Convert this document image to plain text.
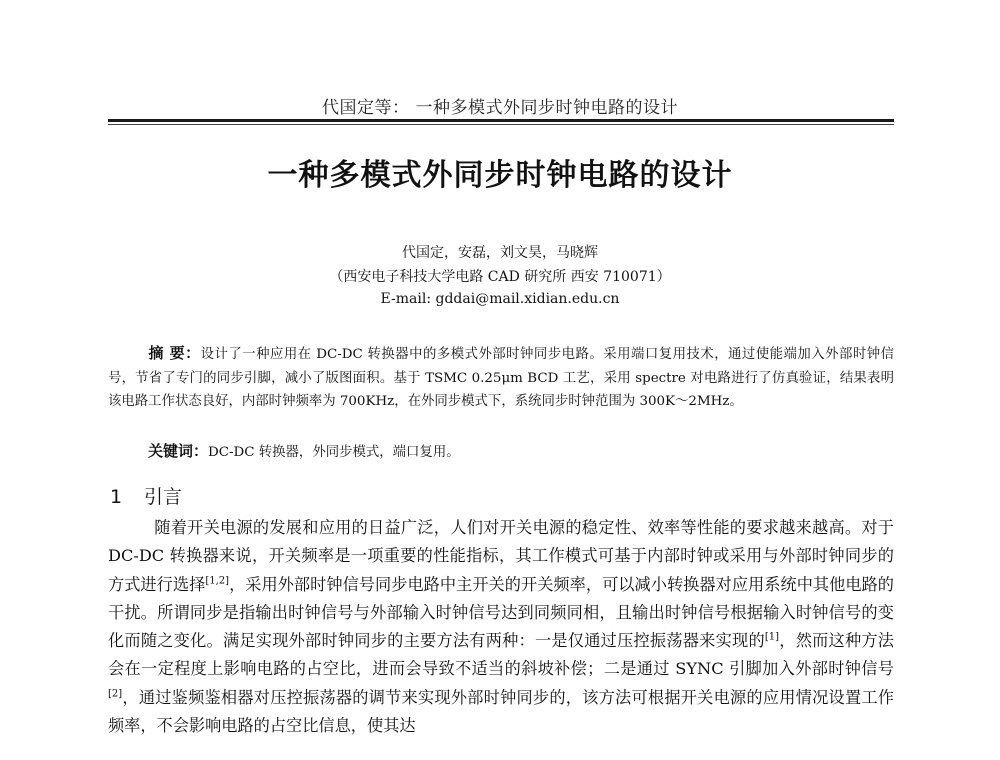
代国定等： 一种多模式外同步时钟电路的设计
一种多模式外同步时钟电路的设计
代国定，安磊，刘文昊，马晓辉
（西安电子科技大学电路 CAD 研究所 西安 710071）
E-mail: gddai@mail.xidian.edu.cn
摘 要：设计了一种应用在 DC-DC 转换器中的多模式外部时钟同步电路。采用端口复用技术，通过使能端加入外部时钟信号，节省了专门的同步引脚，减小了版图面积。基于 TSMC 0.25μm BCD 工艺，采用 spectre 对电路进行了仿真验证，结果表明该电路工作状态良好，内部时钟频率为 700KHz，在外同步模式下，系统同步时钟范围为 300K～2MHz。
关键词：DC-DC 转换器，外同步模式，端口复用。
1 引言
随着开关电源的发展和应用的日益广泛，人们对开关电源的稳定性、效率等性能的要求越来越高。对于 DC-DC 转换器来说，开关频率是一项重要的性能指标，其工作模式可基于内部时钟或采用与外部时钟同步的方式进行选择[1,2]，采用外部时钟信号同步电路中主开关的开关频率，可以减小转换器对应用系统中其他电路的干扰。所谓同步是指输出时钟信号与外部输入时钟信号达到同频同相，且输出时钟信号根据输入时钟信号的变化而随之变化。满足实现外部时钟同步的主要方法有两种：一是仅通过压控振荡器来实现的[1]，然而这种方法会在一定程度上影响电路的占空比，进而会导致不适当的斜坡补偿；二是通过 SYNC 引脚加入外部时钟信号[2]，通过鉴频鉴相器对压控振荡器的调节来实现外部时钟同步的，该方法可根据开关电源的应用情况设置工作频率，不会影响电路的占空比信息，使其达
